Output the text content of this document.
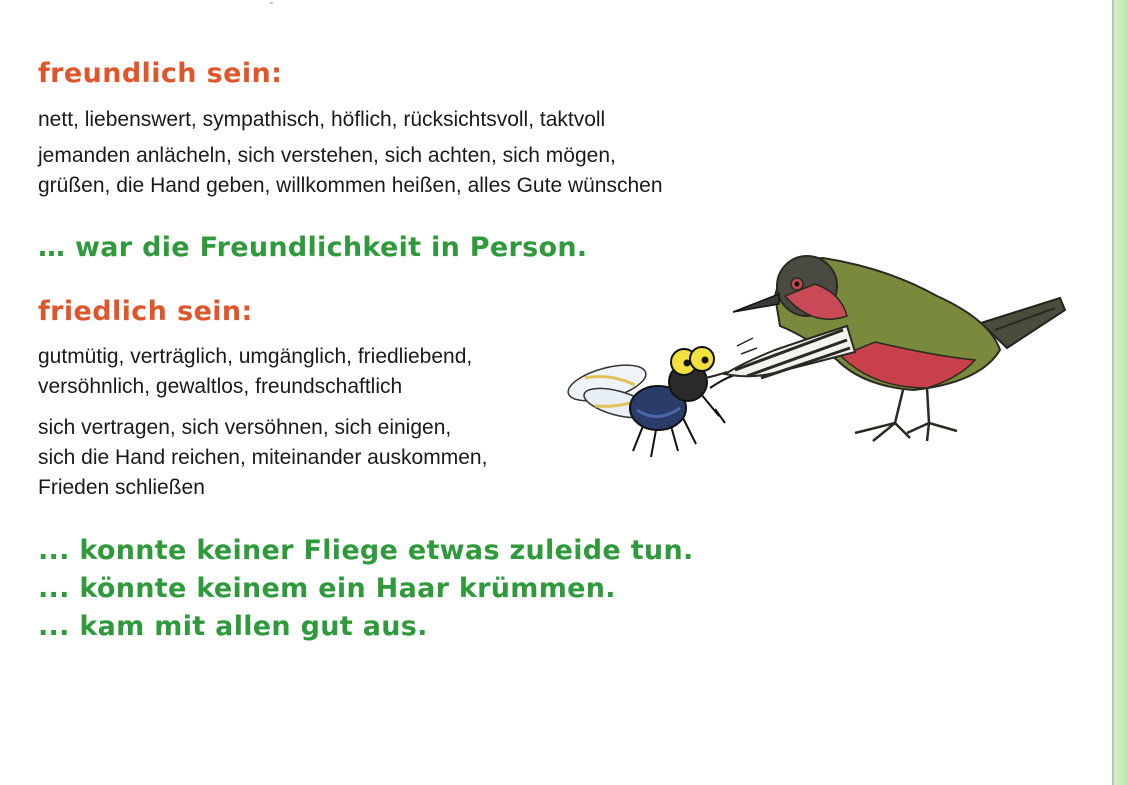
freundlich sein:

nett, liebenswert, sympathisch, höflich, rücksichtsvoll, taktvoll

jemanden anlächeln, sich verstehen, sich achten, sich mögen,
grüßen, die Hand geben, willkommen heißen, alles Gute wünschen

… war die Freundlichkeit in Person.

friedlich sein:

gutmütig, verträglich, umgänglich, friedliebend,
versöhnlich, gewaltlos, freundschaftlich

sich vertragen, sich versöhnen, sich einigen,
sich die Hand reichen, miteinander auskommen,
Frieden schließen

... konnte keiner Fliege etwas zuleide tun.
... könnte keinem ein Haar krümmen.
... kam mit allen gut aus.
